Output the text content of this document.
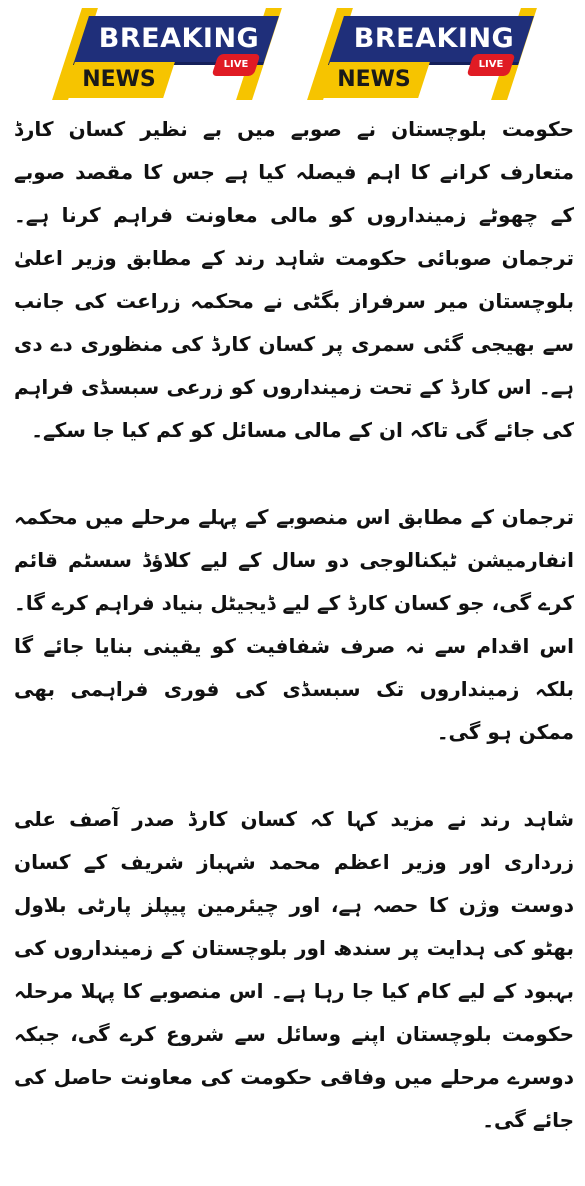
BREAKING
NEWS
LIVE
BREAKING
NEWS
LIVE

حکومت بلوچستان نے صوبے میں بے نظیر کسان کارڈ متعارف کرانے کا اہم فیصلہ کیا ہے جس کا مقصد صوبے کے چھوٹے زمینداروں کو مالی معاونت فراہم کرنا ہے۔ ترجمان صوبائی حکومت شاہد رند کے مطابق وزیر اعلیٰ بلوچستان میر سرفراز بگٹی نے محکمہ زراعت کی جانب سے بھیجی گئی سمری پر کسان کارڈ کی منظوری دے دی ہے۔ اس کارڈ کے تحت زمینداروں کو زرعی سبسڈی فراہم کی جائے گی تاکہ ان کے مالی مسائل کو کم کیا جا سکے۔

ترجمان کے مطابق اس منصوبے کے پہلے مرحلے میں محکمہ انفارمیشن ٹیکنالوجی دو سال کے لیے کلاؤڈ سسٹم قائم کرے گی، جو کسان کارڈ کے لیے ڈیجیٹل بنیاد فراہم کرے گا۔ اس اقدام سے نہ صرف شفافیت کو یقینی بنایا جائے گا بلکہ زمینداروں تک سبسڈی کی فوری فراہمی بھی ممکن ہو گی۔

شاہد رند نے مزید کہا کہ کسان کارڈ صدر آصف علی زرداری اور وزیر اعظم محمد شہباز شریف کے کسان دوست وژن کا حصہ ہے، اور چیئرمین پیپلز پارٹی بلاول بھٹو کی ہدایت پر سندھ اور بلوچستان کے زمینداروں کی بہبود کے لیے کام کیا جا رہا ہے۔ اس منصوبے کا پہلا مرحلہ حکومت بلوچستان اپنے وسائل سے شروع کرے گی، جبکہ دوسرے مرحلے میں وفاقی حکومت کی معاونت حاصل کی جائے گی۔
